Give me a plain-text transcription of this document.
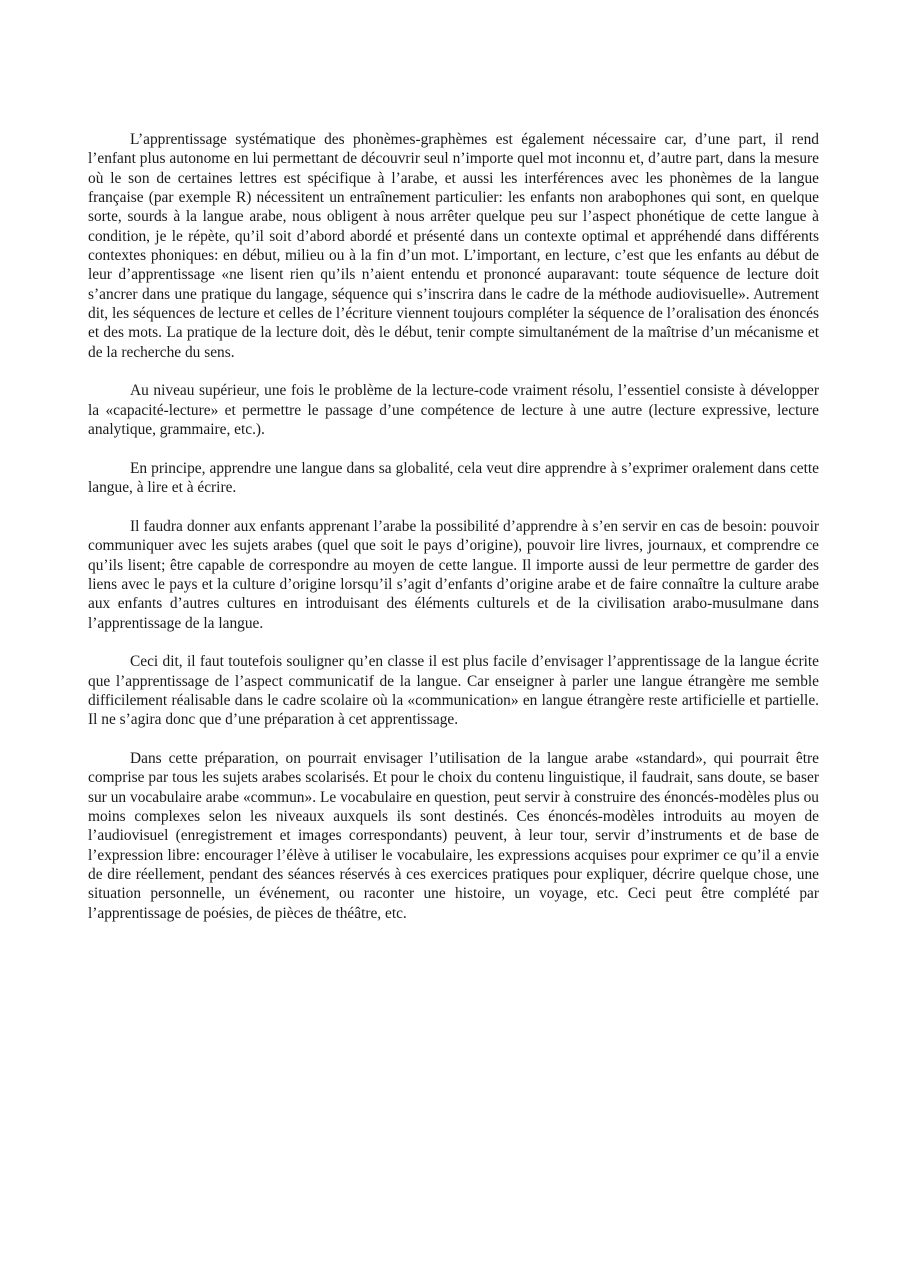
L’apprentissage systématique des phonèmes-graphèmes est également nécessaire car, d’une part, il rend l’enfant plus autonome en lui permettant de découvrir seul n’importe quel mot inconnu et, d’autre part, dans la mesure où le son de certaines lettres est spécifique à l’arabe, et aussi les interférences avec les phonèmes de la langue française (par exemple R) nécessitent un entraînement particulier: les enfants non arabophones qui sont, en quelque sorte, sourds à la langue arabe, nous obligent à nous arrêter quelque peu sur l’aspect phonétique de cette langue à condition, je le répète, qu’il soit d’abord abordé et présenté dans un contexte optimal et appréhendé dans différents contextes phoniques: en début, milieu ou à la fin d’un mot. L’important, en lecture, c’est que les enfants au début de leur d’apprentissage «ne lisent rien qu’ils n’aient entendu et prononcé auparavant: toute séquence de lecture doit s’ancrer dans une pratique du langage, séquence qui s’inscrira dans le cadre de la méthode audiovisuelle». Autrement dit, les séquences de lecture et celles de l’écriture viennent toujours compléter la séquence de l’oralisation des énoncés et des mots. La pratique de la lecture doit, dès le début, tenir compte simultanément de la maîtrise d’un mécanisme et de la recherche du sens.

Au niveau supérieur, une fois le problème de la lecture-code vraiment résolu, l’essentiel consiste à développer la «capacité-lecture» et permettre le passage d’une compétence de lecture à une autre (lecture expressive, lecture analytique, grammaire, etc.).

En principe, apprendre une langue dans sa globalité, cela veut dire apprendre à s’exprimer oralement dans cette langue, à lire et à écrire.

Il faudra donner aux enfants apprenant l’arabe la possibilité d’apprendre à s’en servir en cas de besoin: pouvoir communiquer avec les sujets arabes (quel que soit le pays d’origine), pouvoir lire livres, journaux, et comprendre ce qu’ils lisent; être capable de correspondre au moyen de cette langue. Il importe aussi de leur permettre de garder des liens avec le pays et la culture d’origine lorsqu’il s’agit d’enfants d’origine arabe et de faire connaître la culture arabe aux enfants d’autres cultures en introduisant des éléments culturels et de la civilisation arabo-musulmane dans l’apprentissage de la langue.

Ceci dit, il faut toutefois souligner qu’en classe il est plus facile d’envisager l’apprentissage de la langue écrite que l’apprentissage de l’aspect communicatif de la langue. Car enseigner à parler une langue étrangère me semble difficilement réalisable dans le cadre scolaire où la «communication» en langue étrangère reste artificielle et partielle. Il ne s’agira donc que d’une préparation à cet apprentissage.

Dans cette préparation, on pourrait envisager l’utilisation de la langue arabe «standard», qui pourrait être comprise par tous les sujets arabes scolarisés. Et pour le choix du contenu linguistique, il faudrait, sans doute, se baser sur un vocabulaire arabe «commun». Le vocabulaire en question, peut servir à construire des énoncés-modèles plus ou moins complexes selon les niveaux auxquels ils sont destinés. Ces énoncés-modèles introduits au moyen de l’audiovisuel (enregistrement et images correspondants) peuvent, à leur tour, servir d’instruments et de base de l’expression libre: encourager l’élève à utiliser le vocabulaire, les expressions acquises pour exprimer ce qu’il a envie de dire réellement, pendant des séances réservés à ces exercices pratiques pour expliquer, décrire quelque chose, une situation personnelle, un événement, ou raconter une histoire, un voyage, etc. Ceci peut être complété par l’apprentissage de poésies, de pièces de théâtre, etc.
